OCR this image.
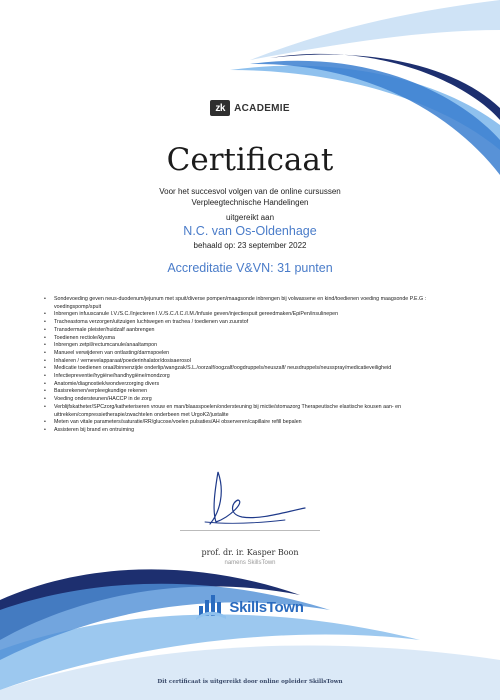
zk ACADEMIE
Certificaat
Voor het succesvol volgen van de online cursussen
Verpleegtechnische Handelingen
uitgereikt aan
N.C. van Os-Oldenhage
behaald op: 23 september 2022
Accreditatie V&VN: 31 punten
• Sondevoeding geven neus-duodenum/jejunum met spuit/diverse pompen/maagsonde inbrengen bij volwassene en kind/toedienen voeding maagsonde P.E.G : voedingspomp/spuit
• Inbrengen infuuscanule I.V./S.C./Injecteren I.V./S.C./I.C./I.M./Infusie geven/injectiespuit gereedmaken/EpiPen/insulinepen
• Tracheastoma verzorgen/uitzuigen luchtwegen en trachea / toedienen van zuurstof
• Transdermale pleister/huidzalf aanbrengen
• Toedienen rectiole/klysma
• Inbrengen zetpil/rectumcanule/anaaltampon
• Manueel verwijderen van ontlasting/darmspoelen
• Inhaleren / vernevelapparaat/poederinhalator/dosisaerosol
• Medicatie toedienen oraal/binnenzijde onderlip/wangzak/S.L./oorzalf/oogzalf/oogdruppels/neuszalf/ neusdruppels/neusspray/medicatieveiligheid
• Infectiepreventie/hygiëne/handhygiëne/mondzorg
• Anatomie/diagnostiek/wondverzorging divers
• Basisrekenen/verpleegkundige rekenen
• Voeding ondersteunen/HACCP in de zorg
• Verblijfskatheter/SPCzorg/katheteriseren vrouw en man/blaasspoelen/ondersteuning bij mictie/stomazorg Therapeutische elastische kousen aan- en uittrekken/compressietherapie/zwachtelen onderbeen met UrgoK2/juxtalite
• Meten van vitale parameters/saturatie/RR/glucose/voelen pulsaties/AH observeren/capillaire refill bepalen
• Assisteren bij brand en ontruiming
prof. dr. ir. Kasper Boon
namens SkillsTown
SkillsTown
Dit certificaat is uitgereikt door online opleider SkillsTown
